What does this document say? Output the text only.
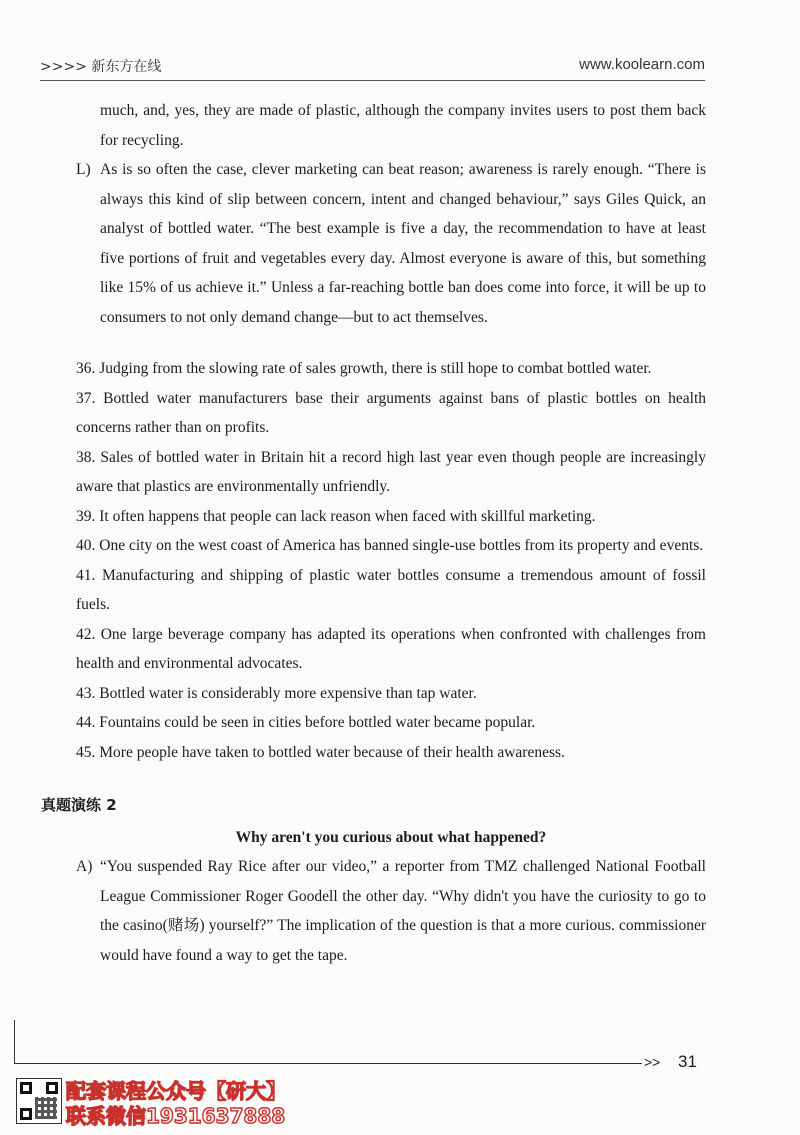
>>>> 新东方在线	www.koolearn.com
much, and, yes, they are made of plastic, although the company invites users to post them back for recycling.
L) As is so often the case, clever marketing can beat reason; awareness is rarely enough. “There is always this kind of slip between concern, intent and changed behaviour,” says Giles Quick, an analyst of bottled water. “The best example is five a day, the recommendation to have at least five portions of fruit and vegetables every day. Almost everyone is aware of this, but something like 15% of us achieve it.” Unless a far-reaching bottle ban does come into force, it will be up to consumers to not only demand change—but to act themselves.
36. Judging from the slowing rate of sales growth, there is still hope to combat bottled water.
37. Bottled water manufacturers base their arguments against bans of plastic bottles on health concerns rather than on profits.
38. Sales of bottled water in Britain hit a record high last year even though people are increasingly aware that plastics are environmentally unfriendly.
39. It often happens that people can lack reason when faced with skillful marketing.
40. One city on the west coast of America has banned single-use bottles from its property and events.
41. Manufacturing and shipping of plastic water bottles consume a tremendous amount of fossil fuels.
42. One large beverage company has adapted its operations when confronted with challenges from health and environmental advocates.
43. Bottled water is considerably more expensive than tap water.
44. Fountains could be seen in cities before bottled water became popular.
45. More people have taken to bottled water because of their health awareness.
真题演练 2
Why aren't you curious about what happened?
A) “You suspended Ray Rice after our video,” a reporter from TMZ challenged National Football League Commissioner Roger Goodell the other day. “Why didn't you have the curiosity to go to the casino(赌场) yourself?” The implication of the question is that a more curious. commissioner would have found a way to get the tape.
>> 31
配套课程公众号【研大】
联系微信1931637888
